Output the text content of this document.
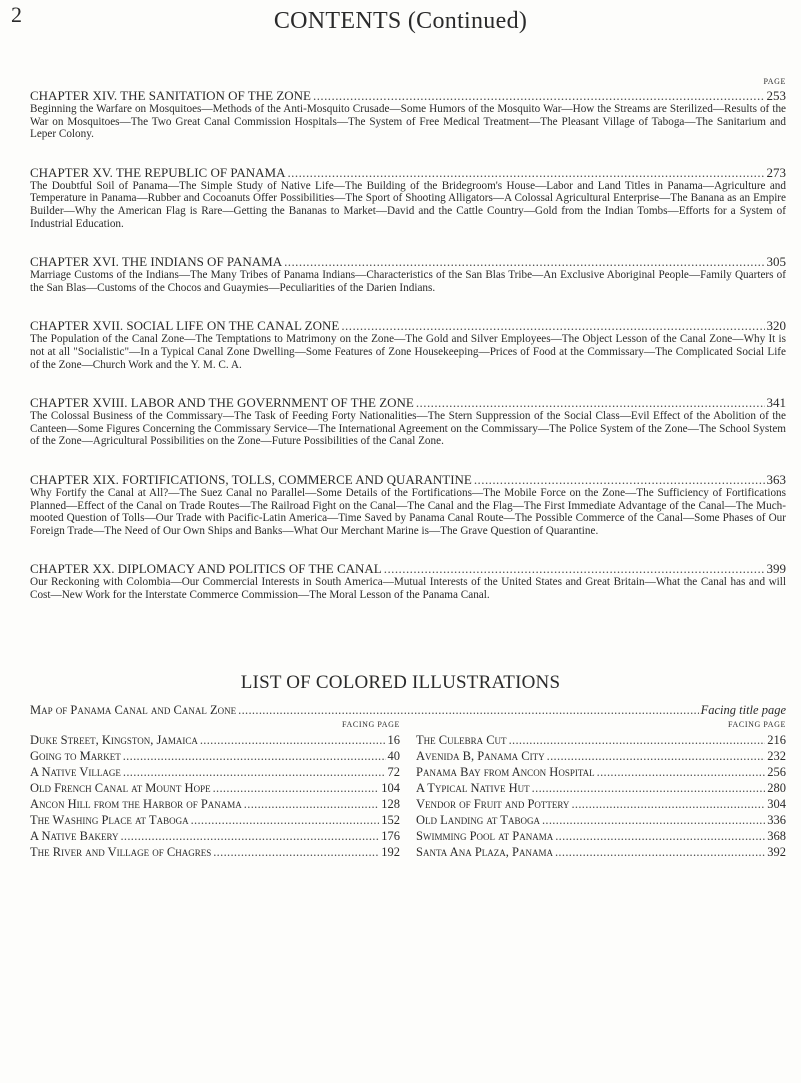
2	CONTENTS (Continued)
PAGE
CHAPTER XIV. THE SANITATION OF THE ZONE . . .	253
Beginning the Warfare on Mosquitoes—Methods of the Anti-Mosquito Crusade—Some Humors of the Mosquito War—How the Streams are Sterilized—Results of the War on Mosquitoes—The Two Great Canal Commission Hospitals—The System of Free Medical Treatment—The Pleasant Village of Taboga—The Sanitarium and Leper Colony.
CHAPTER XV. THE REPUBLIC OF PANAMA . . .	273
The Doubtful Soil of Panama—The Simple Study of Native Life—The Building of the Bridegroom's House—Labor and Land Titles in Panama—Agriculture and Temperature in Panama—Rubber and Cocoanuts Offer Possibilities—The Sport of Shooting Alligators—A Colossal Agricultural Enterprise—The Banana as an Empire Builder—Why the American Flag is Rare—Getting the Bananas to Market—David and the Cattle Country—Gold from the Indian Tombs—Efforts for a System of Industrial Education.
CHAPTER XVI. THE INDIANS OF PANAMA . . .	305
Marriage Customs of the Indians—The Many Tribes of Panama Indians—Characteristics of the San Blas Tribe—An Exclusive Aboriginal People—Family Quarters of the San Blas—Customs of the Chocos and Guaymies—Peculiarities of the Darien Indians.
CHAPTER XVII. SOCIAL LIFE ON THE CANAL ZONE . . .	320
The Population of the Canal Zone—The Temptations to Matrimony on the Zone—The Gold and Silver Employees—The Object Lesson of the Canal Zone—Why It is not at all "Socialistic"—In a Typical Canal Zone Dwelling—Some Features of Zone Housekeeping—Prices of Food at the Commissary—The Complicated Social Life of the Zone—Church Work and the Y. M. C. A.
CHAPTER XVIII. LABOR AND THE GOVERNMENT OF THE ZONE . . .	341
The Colossal Business of the Commissary—The Task of Feeding Forty Nationalities—The Stern Suppression of the Social Class—Evil Effect of the Abolition of the Canteen—Some Figures Concerning the Commissary Service—The International Agreement on the Commissary—The Police System of the Zone—The School System of the Zone—Agricultural Possibilities on the Zone—Future Possibilities of the Canal Zone.
CHAPTER XIX. FORTIFICATIONS, TOLLS, COMMERCE AND QUARANTINE . . .	363
Why Fortify the Canal at All?—The Suez Canal no Parallel—Some Details of the Fortifications—The Mobile Force on the Zone—The Sufficiency of Fortifications Planned—Effect of the Canal on Trade Routes—The Railroad Fight on the Canal—The Canal and the Flag—The First Immediate Advantage of the Canal—The Much-mooted Question of Tolls—Our Trade with Pacific-Latin America—Time Saved by Panama Canal Route—The Possible Commerce of the Canal—Some Phases of Our Foreign Trade—The Need of Our Own Ships and Banks—What Our Merchant Marine is—The Grave Question of Quarantine.
CHAPTER XX. DIPLOMACY AND POLITICS OF THE CANAL . . .	399
Our Reckoning with Colombia—Our Commercial Interests in South America—Mutual Interests of the United States and Great Britain—What the Canal has and will Cost—New Work for the Interstate Commerce Commission—The Moral Lesson of the Panama Canal.
LIST OF COLORED ILLUSTRATIONS
Map of Panama Canal and Canal Zone . . .	Facing title page
FACING PAGE
Duke Street, Kingston, Jamaica . . .	16
Going to Market . . .	40
A Native Village . . .	72
Old French Canal at Mount Hope . . .	104
Ancon Hill from the Harbor of Panama . . .	128
The Washing Place at Taboga . . .	152
A Native Bakery . . .	176
The River and Village of Chagres . . .	192
FACING PAGE
The Culebra Cut . . .	216
Avenida B, Panama City . . .	232
Panama Bay from Ancon Hospital . . .	256
A Typical Native Hut . . .	280
Vendor of Fruit and Pottery . . .	304
Old Landing at Taboga . . .	336
Swimming Pool at Panama . . .	368
Santa Ana Plaza, Panama . . .	392
